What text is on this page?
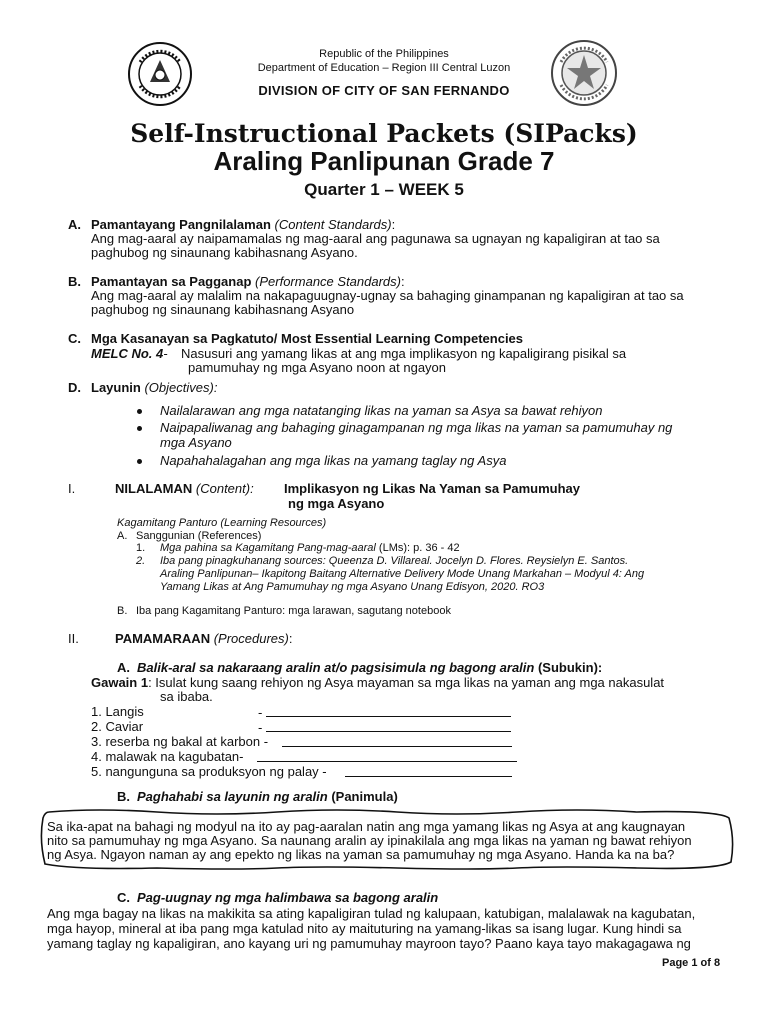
Republic of the Philippines
Department of Education – Region III Central Luzon
DIVISION OF CITY OF SAN FERNANDO
Self-Instructional Packets (SIPacks)
Araling Panlipunan Grade 7
Quarter 1 – WEEK 5
A. Pamantayang Pangnilalaman (Content Standards):
Ang mag-aaral ay naipamamalas ng mag-aaral ang pagunawa sa ugnayan ng kapaligiran at tao sa
paghubog ng sinaunang kabihasnang Asyano.
B. Pamantayan sa Pagganap (Performance Standards):
Ang mag-aaral ay malalim na nakapaguugnay-ugnay sa bahaging ginampanan ng kapaligiran at tao sa
paghubog ng sinaunang kabihasnang Asyano
C. Mga Kasanayan sa Pagkatuto/ Most Essential Learning Competencies
MELC No. 4- Nasusuri ang yamang likas at ang mga implikasyon ng kapaligirang pisikal sa
pamumuhay ng mga Asyano noon at ngayon
D. Layunin (Objectives):
Nailalarawan ang mga natatanging likas na yaman sa Asya sa bawat rehiyon
Naipapaliwanag ang bahaging ginagampanan ng mga likas na yaman sa pamumuhay ng
mga Asyano
Napahahalagahan ang mga likas na yamang taglay ng Asya
I.	NILALAMAN (Content): Implikasyon ng Likas Na Yaman sa Pamumuhay
ng mga Asyano
Kagamitang Panturo (Learning Resources)
A. Sanggunian (References)
1. Mga pahina sa Kagamitang Pang-mag-aaral (LMs): p. 36 - 42
2. Iba pang pinagkuhanang sources: Queenza D. Villareal. Jocelyn D. Flores. Reysielyn E. Santos.
Araling Panlipunan– Ikapitong Baitang Alternative Delivery Mode Unang Markahan – Modyul 4: Ang
Yamang Likas at Ang Pamumuhay ng mga Asyano Unang Edisyon, 2020. RO3
B. Iba pang Kagamitang Panturo: mga larawan, sagutang notebook
II.	PAMAMARAAN (Procedures):
A. Balik-aral sa nakaraang aralin at/o pagsisimula ng bagong aralin (Subukin):
Gawain 1: Isulat kung saang rehiyon ng Asya mayaman sa mga likas na yaman ang mga nakasulat
sa ibaba.
1. Langis	-
2. Caviar	-
3. reserba ng bakal at karbon -
4. malawak na kagubatan-
5. nangunguna sa produksyon ng palay -
B. Paghahabi sa layunin ng aralin (Panimula)
Sa ika-apat na bahagi ng modyul na ito ay pag-aaralan natin ang mga yamang likas ng Asya at ang kaugnayan
nito sa pamumuhay ng mga Asyano. Sa naunang aralin ay ipinakilala ang mga likas na yaman ng bawat rehiyon
ng Asya. Ngayon naman ay ang epekto ng likas na yaman sa pamumuhay ng mga Asyano. Handa ka na ba?
C. Pag-uugnay ng mga halimbawa sa bagong aralin
Ang mga bagay na likas na makikita sa ating kapaligiran tulad ng kalupaan, katubigan, malalawak na kagubatan,
mga hayop, mineral at iba pang mga katulad nito ay maituturing na yamang-likas sa isang lugar. Kung hindi sa
yamang taglay ng kapaligiran, ano kayang uri ng pamumuhay mayroon tayo? Paano kaya tayo makagagawa ng
Page 1 of 8
